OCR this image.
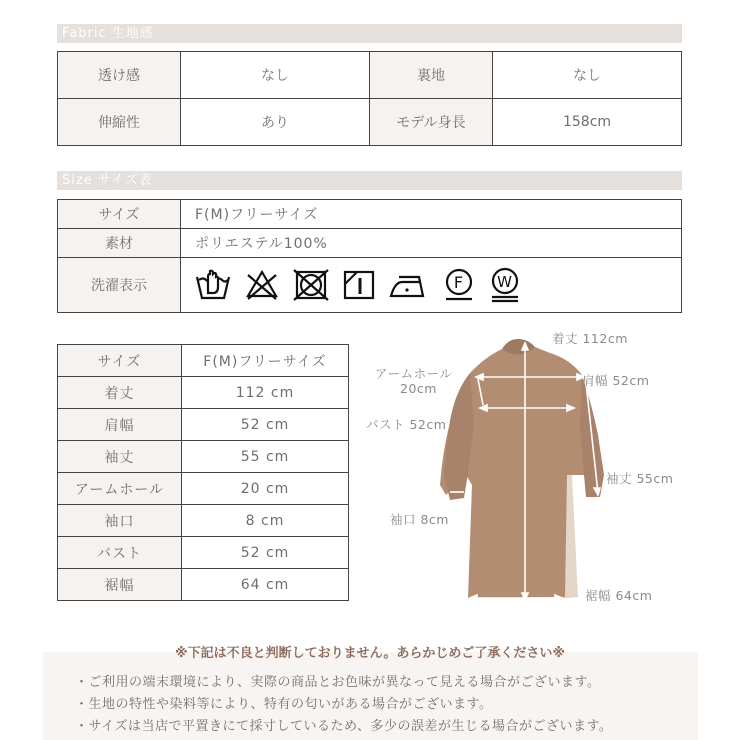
Fabric 生地感
透け感	なし	裏地	なし
伸縮性	あり	モデル身長	158cm
Size サイズ表
サイズ	F(M)フリーサイズ
素材	ポリエステル100%
洗濯表示	F W
サイズ	F(M)フリーサイズ
着丈	112 cm
肩幅	52 cm
袖丈	55 cm
アームホール	20 cm
袖口	8 cm
バスト	52 cm
裾幅	64 cm
着丈 112cm
肩幅 52cm
アームホール
20cm
バスト 52cm
袖丈 55cm
袖口 8cm
裾幅 64cm
※下記は不良と判断しておりません。あらかじめご了承ください※
・ご利用の端末環境により、実際の商品とお色味が異なって見える場合がございます。
・生地の特性や染料等により、特有の匂いがある場合がございます。
・サイズは当店で平置きにて採寸しているため、多少の誤差が生じる場合がございます。
